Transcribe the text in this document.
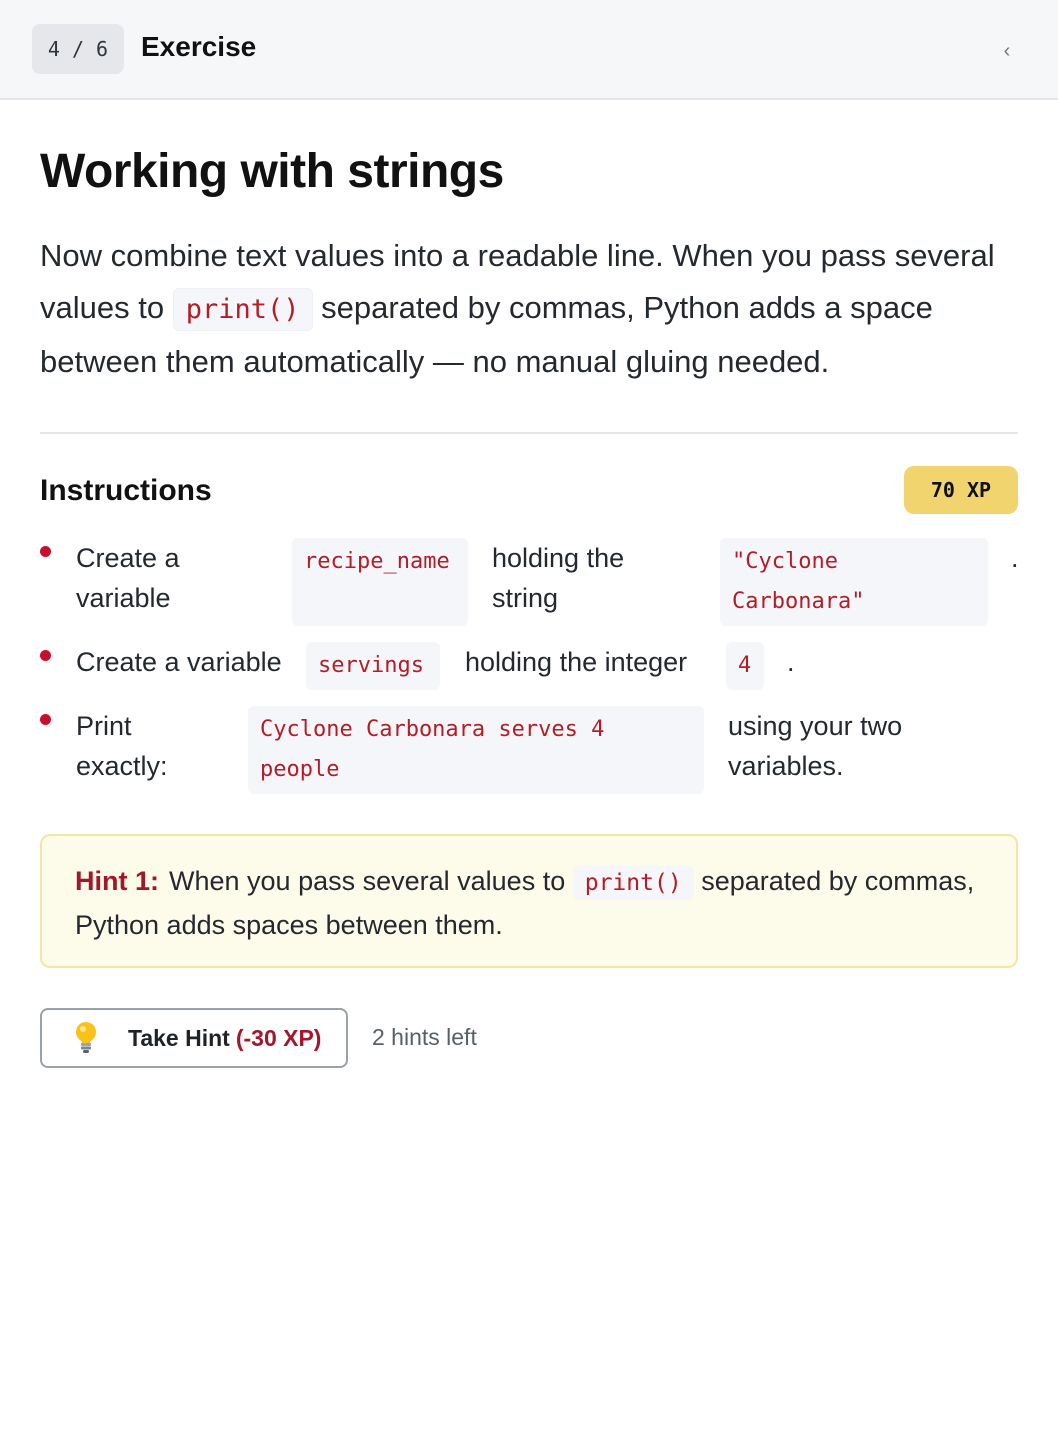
4 / 6	Exercise	‹
Working with strings

Now combine text values into a readable line. When you pass several values to print() separated by commas, Python adds a space between them automatically — no manual gluing needed.

Instructions	70 XP
Create a variable
recipe_name	holding the string
"Cyclone Carbonara"
.
Create a variable	servings	holding the integer	4	.
Print exactly:
Cyclone Carbonara serves 4 people
using your two variables.
Hint 1: When you pass several values to print() separated by commas, Python adds spaces between them.
Take Hint (-30 XP) 2 hints left
